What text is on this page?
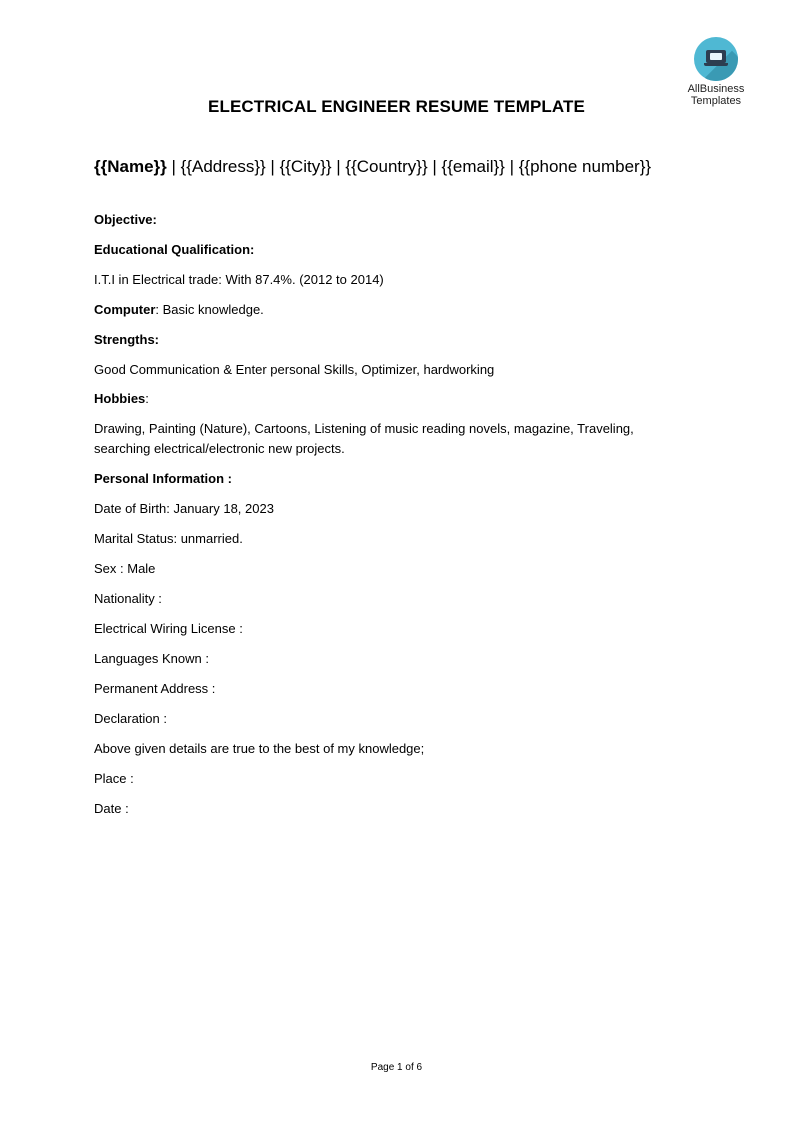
AllBusiness
Templates
ELECTRICAL ENGINEER RESUME TEMPLATE
{{Name}} | {{Address}} | {{City}} | {{Country}} | {{email}} | {{phone number}}
Objective:
Educational Qualification:
I.T.I in Electrical trade: With 87.4%. (2012 to 2014)
Computer: Basic knowledge.
Strengths:
Good Communication & Enter personal Skills, Optimizer, hardworking
Hobbies:
Drawing, Painting (Nature), Cartoons, Listening of music reading novels, magazine, Traveling, searching electrical/electronic new projects.
Personal Information :
Date of Birth: January 18, 2023
Marital Status: unmarried.
Sex : Male
Nationality :
Electrical Wiring License :
Languages Known :
Permanent Address :
Declaration :
Above given details are true to the best of my knowledge;
Place :
Date :
Page 1 of 6
